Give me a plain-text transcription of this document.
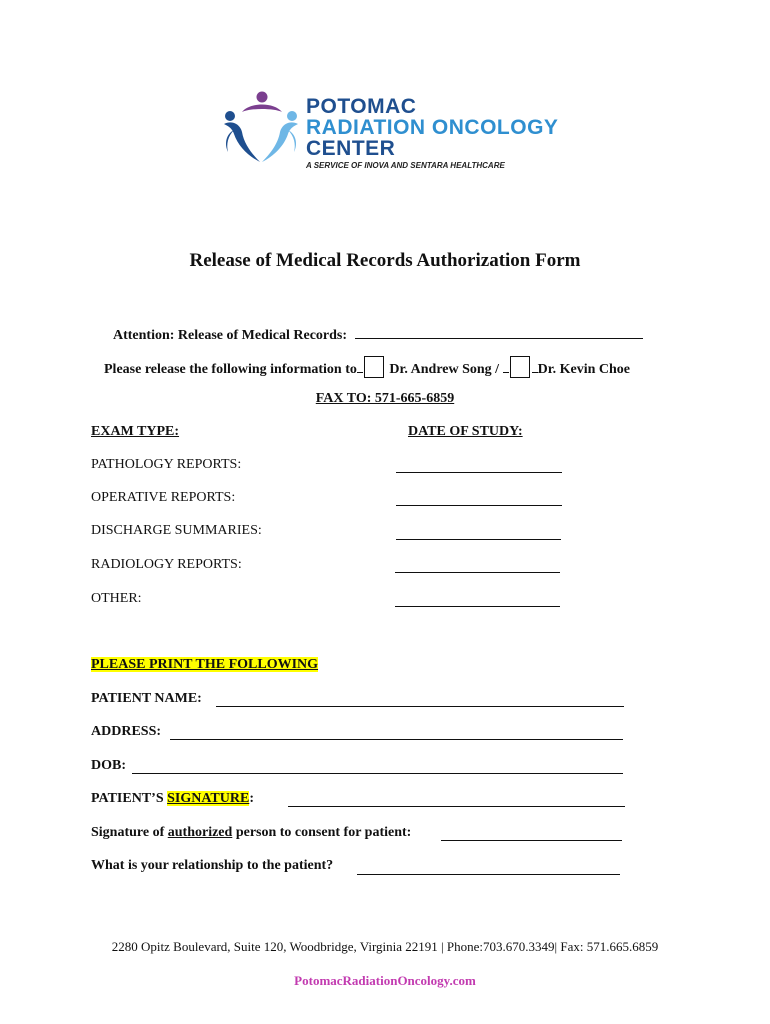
POTOMAC
RADIATION ONCOLOGY
CENTER
A SERVICE OF INOVA AND SENTARA HEALTHCARE
Release of Medical Records Authorization Form
Attention: Release of Medical Records:
Please release the following information to Dr. Andrew Song /	Dr. Kevin Choe
FAX TO: 571-665-6859
EXAM TYPE:	DATE OF STUDY:
PATHOLOGY REPORTS:
OPERATIVE REPORTS:
DISCHARGE SUMMARIES:
RADIOLOGY REPORTS:
OTHER:
PLEASE PRINT THE FOLLOWING
PATIENT NAME:
ADDRESS:
DOB:
PATIENT’S SIGNATURE:
Signature of authorized person to consent for patient:
What is your relationship to the patient?
2280 Opitz Boulevard, Suite 120, Woodbridge, Virginia 22191 | Phone:703.670.3349| Fax: 571.665.6859
PotomacRadiationOncology.com
